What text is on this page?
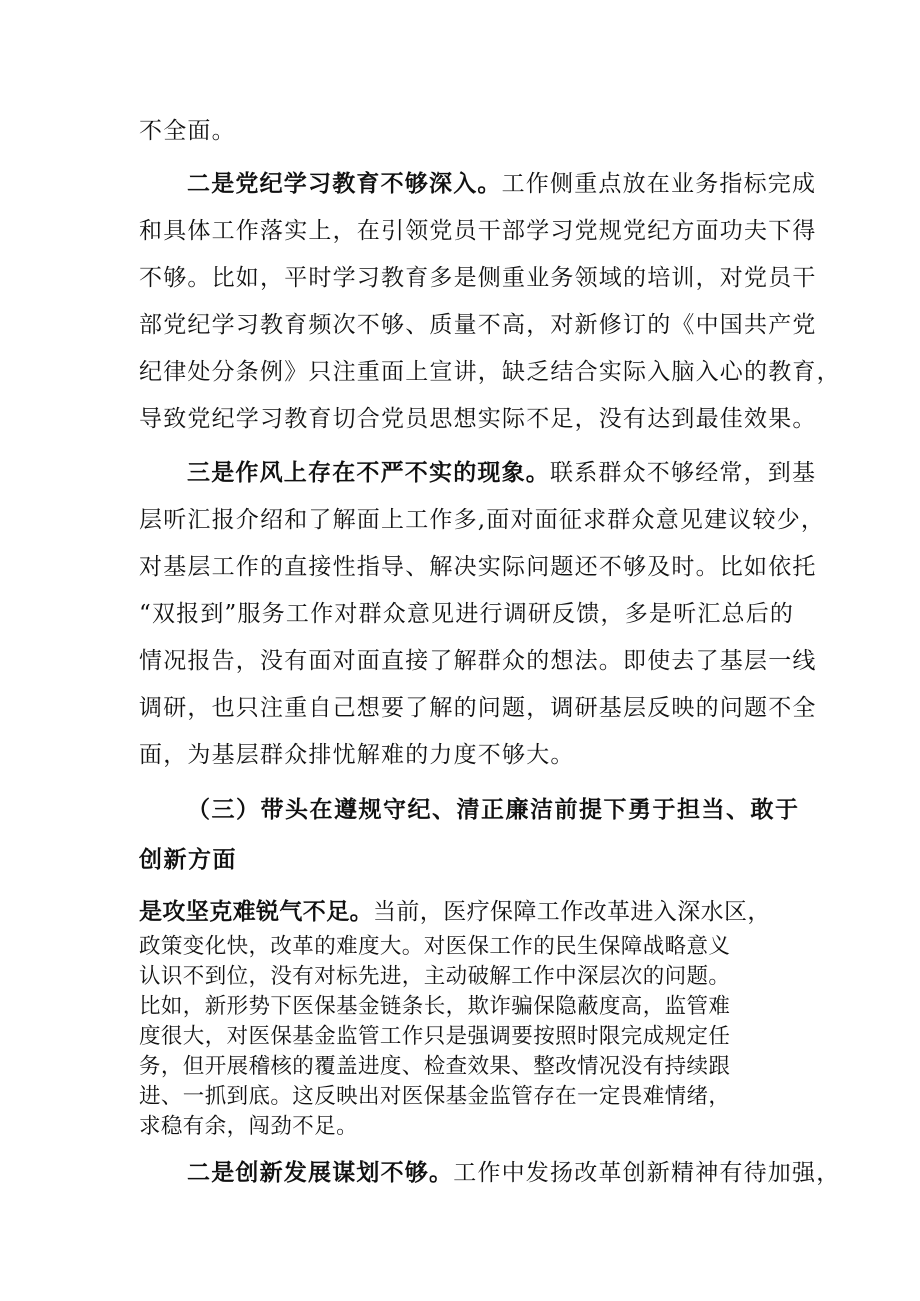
不全面。
二是党纪学习教育不够深入。工作侧重点放在业务指标完成
和具体工作落实上，在引领党员干部学习党规党纪方面功夫下得
不够。比如，平时学习教育多是侧重业务领域的培训，对党员干
部党纪学习教育频次不够、质量不高，对新修订的《中国共产党
纪律处分条例》只注重面上宣讲，缺乏结合实际入脑入心的教育，
导致党纪学习教育切合党员思想实际不足，没有达到最佳效果。
三是作风上存在不严不实的现象。联系群众不够经常，到基
层听汇报介绍和了解面上工作多,面对面征求群众意见建议较少，
对基层工作的直接性指导、解决实际问题还不够及时。比如依托
“双报到”服务工作对群众意见进行调研反馈，多是听汇总后的
情况报告，没有面对面直接了解群众的想法。即使去了基层一线
调研，也只注重自己想要了解的问题，调研基层反映的问题不全
面，为基层群众排忧解难的力度不够大。
（三）带头在遵规守纪、清正廉洁前提下勇于担当、敢于
创新方面
是攻坚克难锐气不足。当前，医疗保障工作改革进入深水区，
政策变化快，改革的难度大。对医保工作的民生保障战略意义
认识不到位，没有对标先进，主动破解工作中深层次的问题。
比如，新形势下医保基金链条长，欺诈骗保隐蔽度高，监管难
度很大，对医保基金监管工作只是强调要按照时限完成规定任
务，但开展稽核的覆盖进度、检查效果、整改情况没有持续跟
进、一抓到底。这反映出对医保基金监管存在一定畏难情绪，
求稳有余，闯劲不足。
二是创新发展谋划不够。工作中发扬改革创新精神有待加强，
